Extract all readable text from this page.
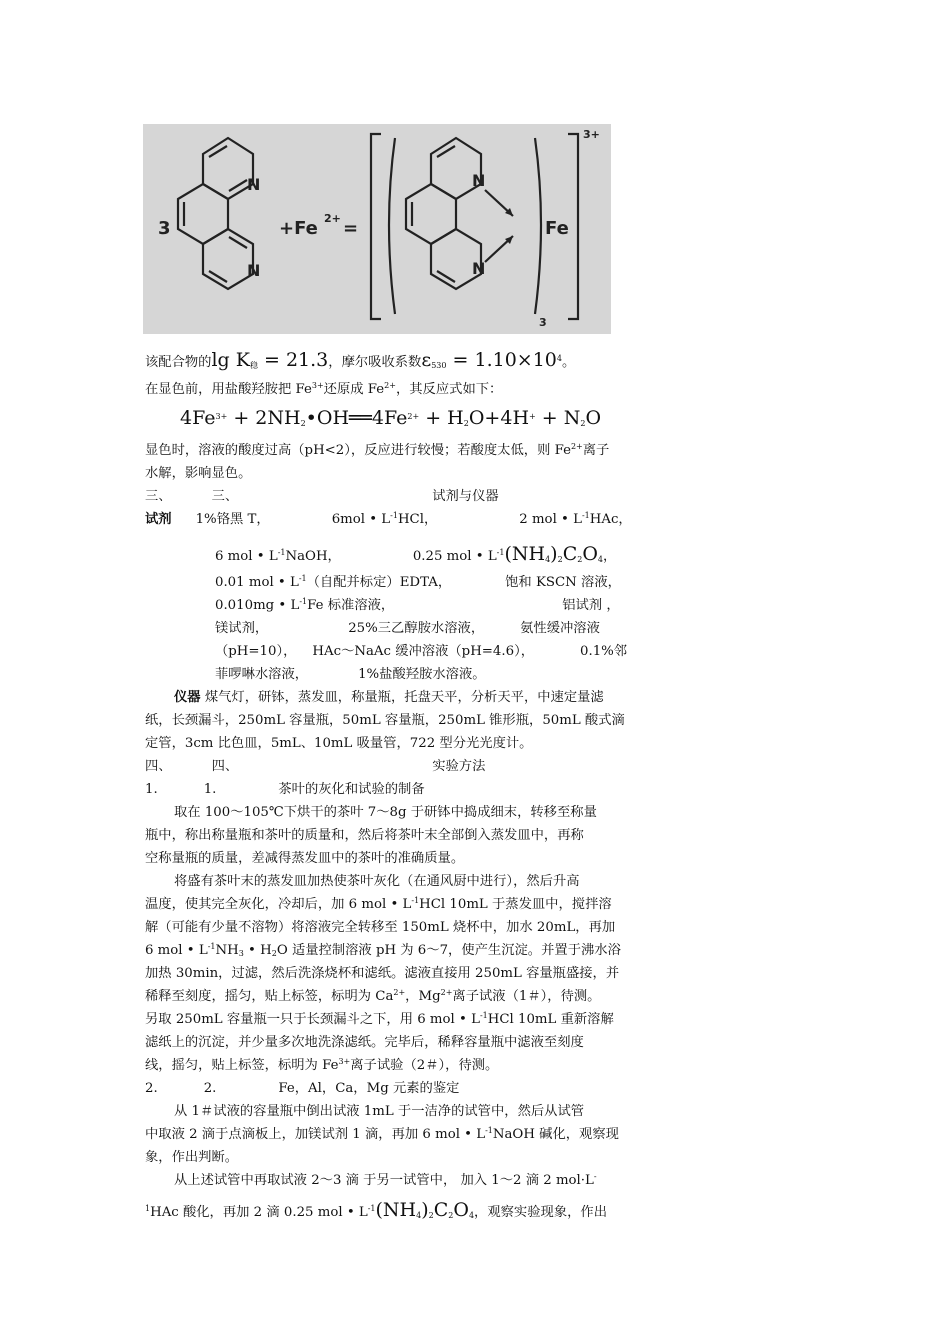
3
N
N
+Fe 2+ =
N
N
Fe
3
3+
该配合物的$\lg K_稳 = 21.3$，摩尔吸收系数$\varepsilon_{530} = 1.10\times 10^4$。
在显色前，用盐酸羟胺把 $Fe^{3+}$还原成 $Fe^{2+}$，其反应式如下：
$4Fe^{3+}$ + $2NH_2•OH══4Fe^{2+} + H_2O+4H^+ + N_2O$
显色时，溶液的酸度过高（pH<2），反应进行较慢；若酸度太低，则 $Fe^{2+}$离子
水解，影响显色。
三、	三、	试剂与仪器
试剂 1%铬黑 T，	6mol • $L^{-1}HCl$，	2 mol • $L^{-1}HAc$，
6 mol • $L^{-1}NaOH$，	0.25 mol • $L^{-1}(NH_4)_2C_2O_4$，
0.01 mol • $L^{-1}$（自配并标定）EDTA，	饱和 KSCN 溶液，
0.010mg • $L^{-1}Fe$ 标准溶液，	铝试剂 ，
镁试剂，	25%三乙醇胺水溶液，	氨性缓冲溶液
（pH=10）， HAc～NaAc 缓冲溶液（pH=4.6），	0.1%邻
菲啰啉水溶液，	1%盐酸羟胺水溶液。
仪器 煤气灯，研钵，蒸发皿，称量瓶，托盘天平，分析天平，中速定量滤
纸，长颈漏斗，250mL 容量瓶，50mL 容量瓶，250mL 锥形瓶，50mL 酸式滴
定管，3cm 比色皿，5mL、10mL 吸量管，722 型分光光度计。
四、	四、	实验方法
1.	1.	茶叶的灰化和试验的制备
取在 100～105℃下烘干的茶叶 7～8g 于研钵中捣成细末，转移至称量
瓶中，称出称量瓶和茶叶的质量和，然后将茶叶末全部倒入蒸发皿中，再称
空称量瓶的质量，差减得蒸发皿中的茶叶的准确质量。
将盛有茶叶末的蒸发皿加热使茶叶灰化（在通风厨中进行），然后升高
温度，使其完全灰化，冷却后，加 6 mol • $L^{-1}HCl$ 10mL 于蒸发皿中，搅拌溶
解（可能有少量不溶物）将溶液完全转移至 150mL 烧杯中，加水 20mL，再加
6 mol • $L^{-1}NH_3$ • $H_2O$ 适量控制溶液 pH 为 6～7，使产生沉淀。并置于沸水浴
加热 30min，过滤，然后洗涤烧杯和滤纸。滤液直接用 250mL 容量瓶盛接，并
稀释至刻度，摇匀，贴上标签，标明为 $Ca^{2+}$，$Mg^{2+}$离子试液（1＃），待测。
另取 250mL 容量瓶一只于长颈漏斗之下，用 6 mol • $L^{-1}HCl$ 10mL 重新溶解
滤纸上的沉淀，并少量多次地洗涤滤纸。完毕后，稀释容量瓶中滤液至刻度
线，摇匀，贴上标签，标明为 $Fe^{3+}$离子试验（2＃），待测。
2.	2.	Fe，Al，Ca，Mg 元素的鉴定
从 1＃试液的容量瓶中倒出试液 1mL 于一洁净的试管中，然后从试管
中取液 2 滴于点滴板上，加镁试剂 1 滴，再加 6 mol • $L^{-1}NaOH$ 碱化，观察现
象，作出判断。
从上述试管中再取试液 2～3 滴 于另一试管中， 加入 1～2 滴 2 mol·L-
$^1$HAc 酸化，再加 2 滴 0.25 mol • $L^{-1}(NH_4)_2C_2O_4$，观察实验现象，作出
